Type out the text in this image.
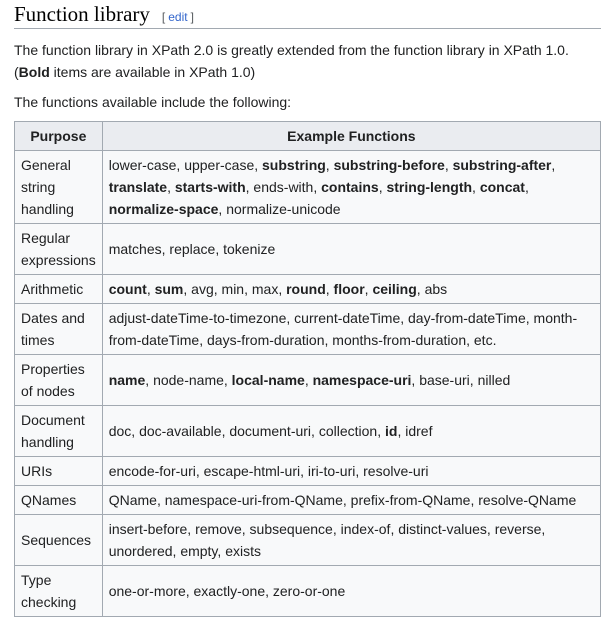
Function library [ edit ]

The function library in XPath 2.0 is greatly extended from the function library in XPath 1.0.
(Bold items are available in XPath 1.0)

The functions available include the following:

Purpose	Example Functions
General string handling	lower-case, upper-case, substring, substring-before, substring-after, translate, starts-with, ends-with, contains, string-length, concat, normalize-space, normalize-unicode
Regular expressions	matches, replace, tokenize
Arithmetic	count, sum, avg, min, max, round, floor, ceiling, abs
Dates and times	adjust-dateTime-to-timezone, current-dateTime, day-from-dateTime, month-from-dateTime, days-from-duration, months-from-duration, etc.
Properties of nodes	name, node-name, local-name, namespace-uri, base-uri, nilled
Document handling	doc, doc-available, document-uri, collection, id, idref
URIs	encode-for-uri, escape-html-uri, iri-to-uri, resolve-uri
QNames	QName, namespace-uri-from-QName, prefix-from-QName, resolve-QName
Sequences	insert-before, remove, subsequence, index-of, distinct-values, reverse, unordered, empty, exists
Type checking	one-or-more, exactly-one, zero-or-one
